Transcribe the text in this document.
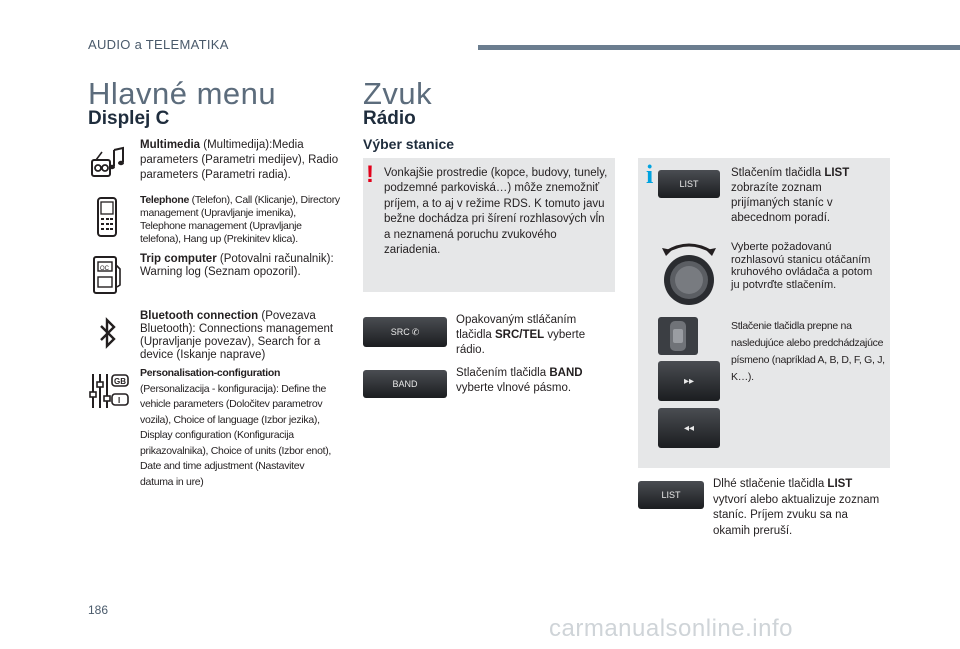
AUDIO a TELEMATIKA
Hlavné menu
Displej C
Multimedia (Multimedija):Media parameters (Parametri medijev), Radio parameters (Parametri radia).
Telephone (Telefon), Call (Klicanje), Directory management (Upravljanje imenika), Telephone management (Upravljanje telefona), Hang up (Prekinitev klica).
OC
Trip computer (Potovalni računalnik): Warning log (Seznam opozoril).
Bluetooth connection (Povezava Bluetooth): Connections management (Upravljanje povezav), Search for a device (Iskanje naprave)
GB
I
Personalisation-configuration (Personalizacija - konfiguracija): Define the vehicle parameters (Določitev parametrov vozila), Choice of language (Izbor jezika), Display configuration (Konfiguracija prikazovalnika), Choice of units (Izbor enot), Date and time adjustment (Nastavitev datuma in ure)
Zvuk
Rádio
Výber stanice
! Vonkajšie prostredie (kopce, budovy, tunely, podzemné parkoviská…) môže znemožniť príjem, a to aj v režime RDS. K tomuto javu bežne dochádza pri šírení rozhlasových vĺn a neznamená poruchu zvukového zariadenia.
SRC ✆
Opakovaným stláčaním tlačidla SRC/TEL vyberte rádio.
BAND
Stlačením tlačidla BAND vyberte vlnové pásmo.
i	LIST
Stlačením tlačidla LIST zobrazíte zoznam prijímaných staníc v abecednom poradí.
Vyberte požadovanú rozhlasovú stanicu otáčaním kruhového ovládača a potom ju potvrďte stlačením.
Stlačenie tlačidla prepne na nasledujúce alebo predchádzajúce písmeno (napríklad A, B, D, F, G, J, K…).
▸▸
◂◂
LIST
Dlhé stlačenie tlačidla LIST vytvorí alebo aktualizuje zoznam staníc. Príjem zvuku sa na okamih preruší.
186
carmanualsonline.info
